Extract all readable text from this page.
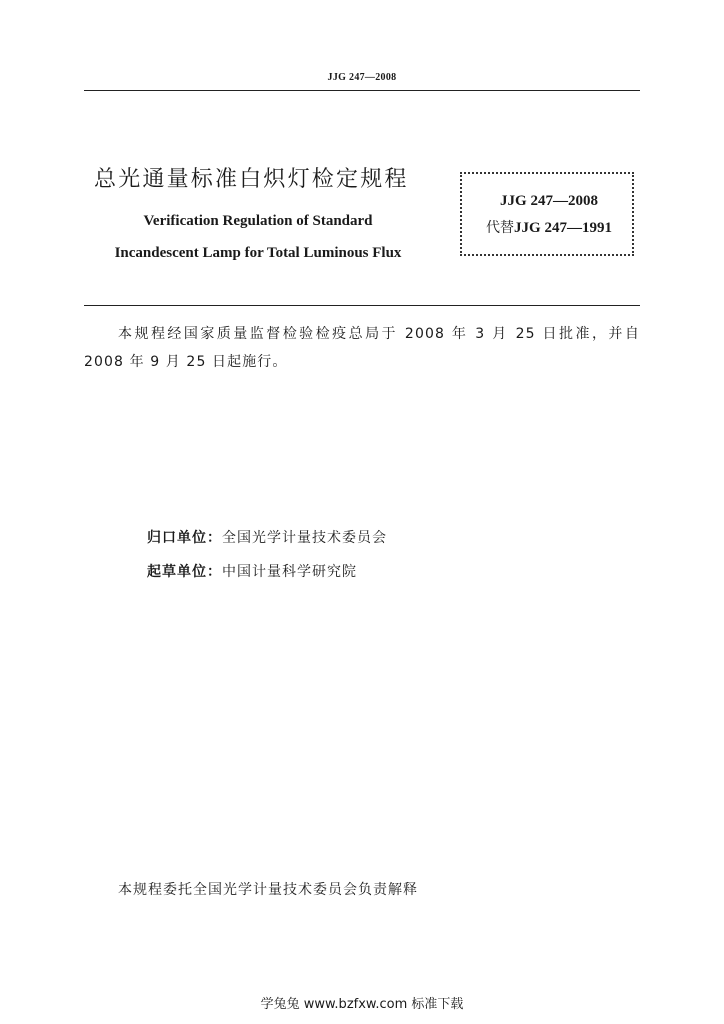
JJG 247—2008
总光通量标准白炽灯检定规程
Verification Regulation of Standard
Incandescent Lamp for Total Luminous Flux
JJG 247—2008
代替JJG 247—1991
本规程经国家质量监督检验检疫总局于 2008 年 3 月 25 日批准，并自 2008 年 9 月 25 日起施行。
归口单位：全国光学计量技术委员会
起草单位：中国计量科学研究院
本规程委托全国光学计量技术委员会负责解释
学兔兔 www.bzfxw.com 标准下载
